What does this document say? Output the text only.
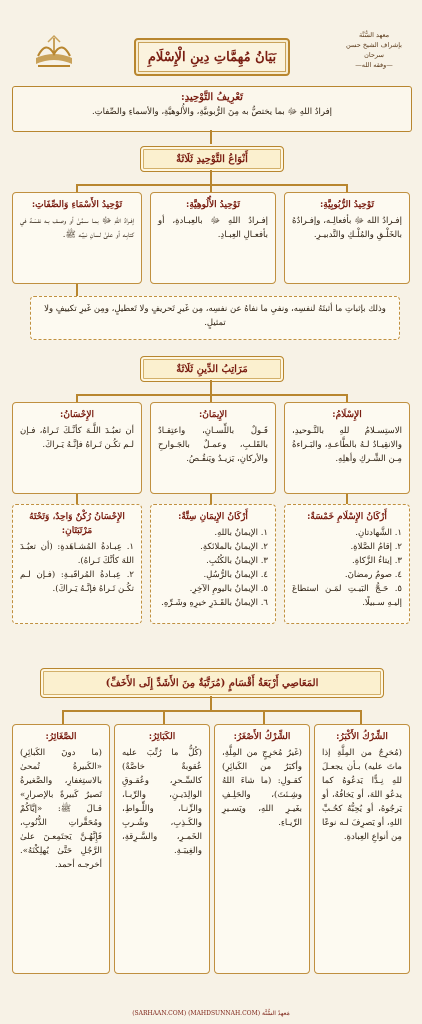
بَيَانُ مُهِمَّاتِ دِينِ الْإِسْلَامِ
معهد السُّنَّة
بإشراف الشيخ حسن
سرحان
—وفقه الله—
تَعْرِيفُ التَّوْحِيدِ:
إفرادُ اللهِ ﷻ بما يختصُّ به مِنَ الرُّبوبيَّةِ، والأُلوهيَّةِ، والأسماءِ والصِّفاتِ.
أَنْوَاعُ التَّوْحِيدِ ثَلَاثَةٌ
تَوْحِيدُ الرُّبُوبِيَّةِ:
إفـرادُ الله ﷻ بأفعالِـه، وإفـرادُهُ بالخَلْـقِ والمُلْـكِ والتَّدبيـرِ.
تَوْحِيدُ الأُلُوهِيَّةِ:
إفـرادُ اللهِ ﷻ بالعِبـادةِ، أو بأفعـالِ العِبـادِ.
تَوْحِيدُ الأَسْمَاءِ وَالصِّفَاتِ:
إفـرادُ اللهِ ﷻ بمـا سـمَّىٰ أو وصـف بـه نفسَـهُ في كتابِـه أو علىٰ لسانِ نبيِّـه ﷺ.
وذلك بإثباتِ ما أثبتَهُ لنفسِه، ونفيِ ما نفاهُ عن نفسِه، مِن غَيرِ تَحريفٍ ولا تَعطيلٍ، ومِن غَيرِ تكييفٍ ولا تمثيلٍ.
مَرَاتِبُ الدِّينِ ثَلَاثَةٌ
الإِسْلَامُ:
الاستِسـلامُ للهِ بالتَّـوحيدِ، والانقِيـادُ لـهُ بالطَّاعـةِ، والبَـراءةُ مِـن الشِّـركِ وأهلِهِ.
الإِيمَانُ:
قَـولٌ باللِّسـانِ، واعتِقـادٌ بالقَلـبِ، وعمـلٌ بالجَـوارحِ والأركانِ، يَزيـدُ ويَنقُـصُ.
الإِحْسَانُ:
أن تعبُـدَ اللَّـهَ كأنَّـكَ تَـراهُ، فـإن لـم تكُـن تَـراهُ فإنَّـهُ يَـراكَ.
أَرْكَانُ الإِسْلَامِ خَمْسَةٌ:
١. الشَّهادتانِ.
٢. إقامُ الصَّلاةِ.
٣. إيتاءُ الزَّكاةِ.
٤. صومُ رمضانَ.
٥. حَـجُّ البَيـتِ لمَـن استطاعَ إليـهِ سـبيلًا.
أَرْكَانُ الإِيمَانِ سِتَّةٌ:
١. الإيمانُ باللهِ.
٢. الإيمانُ بالملائكةِ.
٣. الإيمانُ بالكُتُبِ.
٤. الإيمانُ بالرُّسُلِ.
٥. الإيمانُ باليومِ الآخِرِ.
٦. الإيمانُ بالقَـدَرِ خيرِهِ وشَـرِّهِ.
الإِحْسَانُ رُكْنٌ وَاحِدٌ، وَتَحْتَهُ مَرْتَبَتَانِ:
١. عِبـادةُ المُشـاهَدةِ: (أن تعبُـدَ اللهَ كأنَّكَ تَـراهُ).
٢. عِبـادةُ المُراقَبـةِ: (فـإن لـم تكُـن تَـراهُ فإنَّـهُ يَـراكَ).
المَعَاصِي أَرْبَعَةُ أَقْسَامٍ (مُرَتَّبَةٌ مِنَ الأَشَدِّ إِلَى الأَخَفِّ)
الشِّرْكُ الأَكْبَرُ:
(مُخرِجٌ من المِلَّةِ إذا ماتَ عليه) بـأن يجعـلَ للهِ نِـدًّا يَدعُوهُ كما يدعُو اللهَ، أو يَخافُهُ، أو يَرجُوهُ، أو يُحِبُّهُ كحُـبِّ اللهِ، أو يَصرِفَ لـه نوعًا مِن أنواعِ العِبادةِ.
الشِّرْكُ الأَصْغَرُ:
(غَيرُ مُخرِجٍ من المِلَّةِ، وأكبَرُ من الكَبائِرِ) كقـولِ: (ما شاءَ اللهُ وشِـئتَ)، والحَلِـفِ بغَيـرِ اللهِ، ويَسـيرِ الرِّيـاءِ.
الكَبَائِرُ:
(كُلُّ ما رُتِّبَ عليه عُقوبةٌ خاصَّةٌ) كالسِّـحرِ، وعُقـوقِ الوالِدَيـنِ، والرِّبـا، والزِّنـا، واللِّـواطِ، والكَـذِبِ، وشُـربِ الخَمـرِ، والسَّـرِقةِ، والغِيبَـةِ.
الصَّغَائِرُ:
(ما دونَ الكَبائِرِ) «الكَبيرةُ تُمحىٰ بالاستِغفارِ، والصَّغيرةُ تَصيرُ كَبيرةً بالإصرارِ» قـالَ ﷺ: «إيَّاكُمْ ومُحَقَّراتِ الذُّنُوبِ، فَإِنَّهُـنَّ يَجتَمِعـنَ علىٰ الرَّجُلِ حَتَّىٰ يُهلِكْنَهُ». أخرجـه أحمد.
مَعهدُ السُّنَّة (MAHDSUNNAH.COM) (SARHAAN.COM)
